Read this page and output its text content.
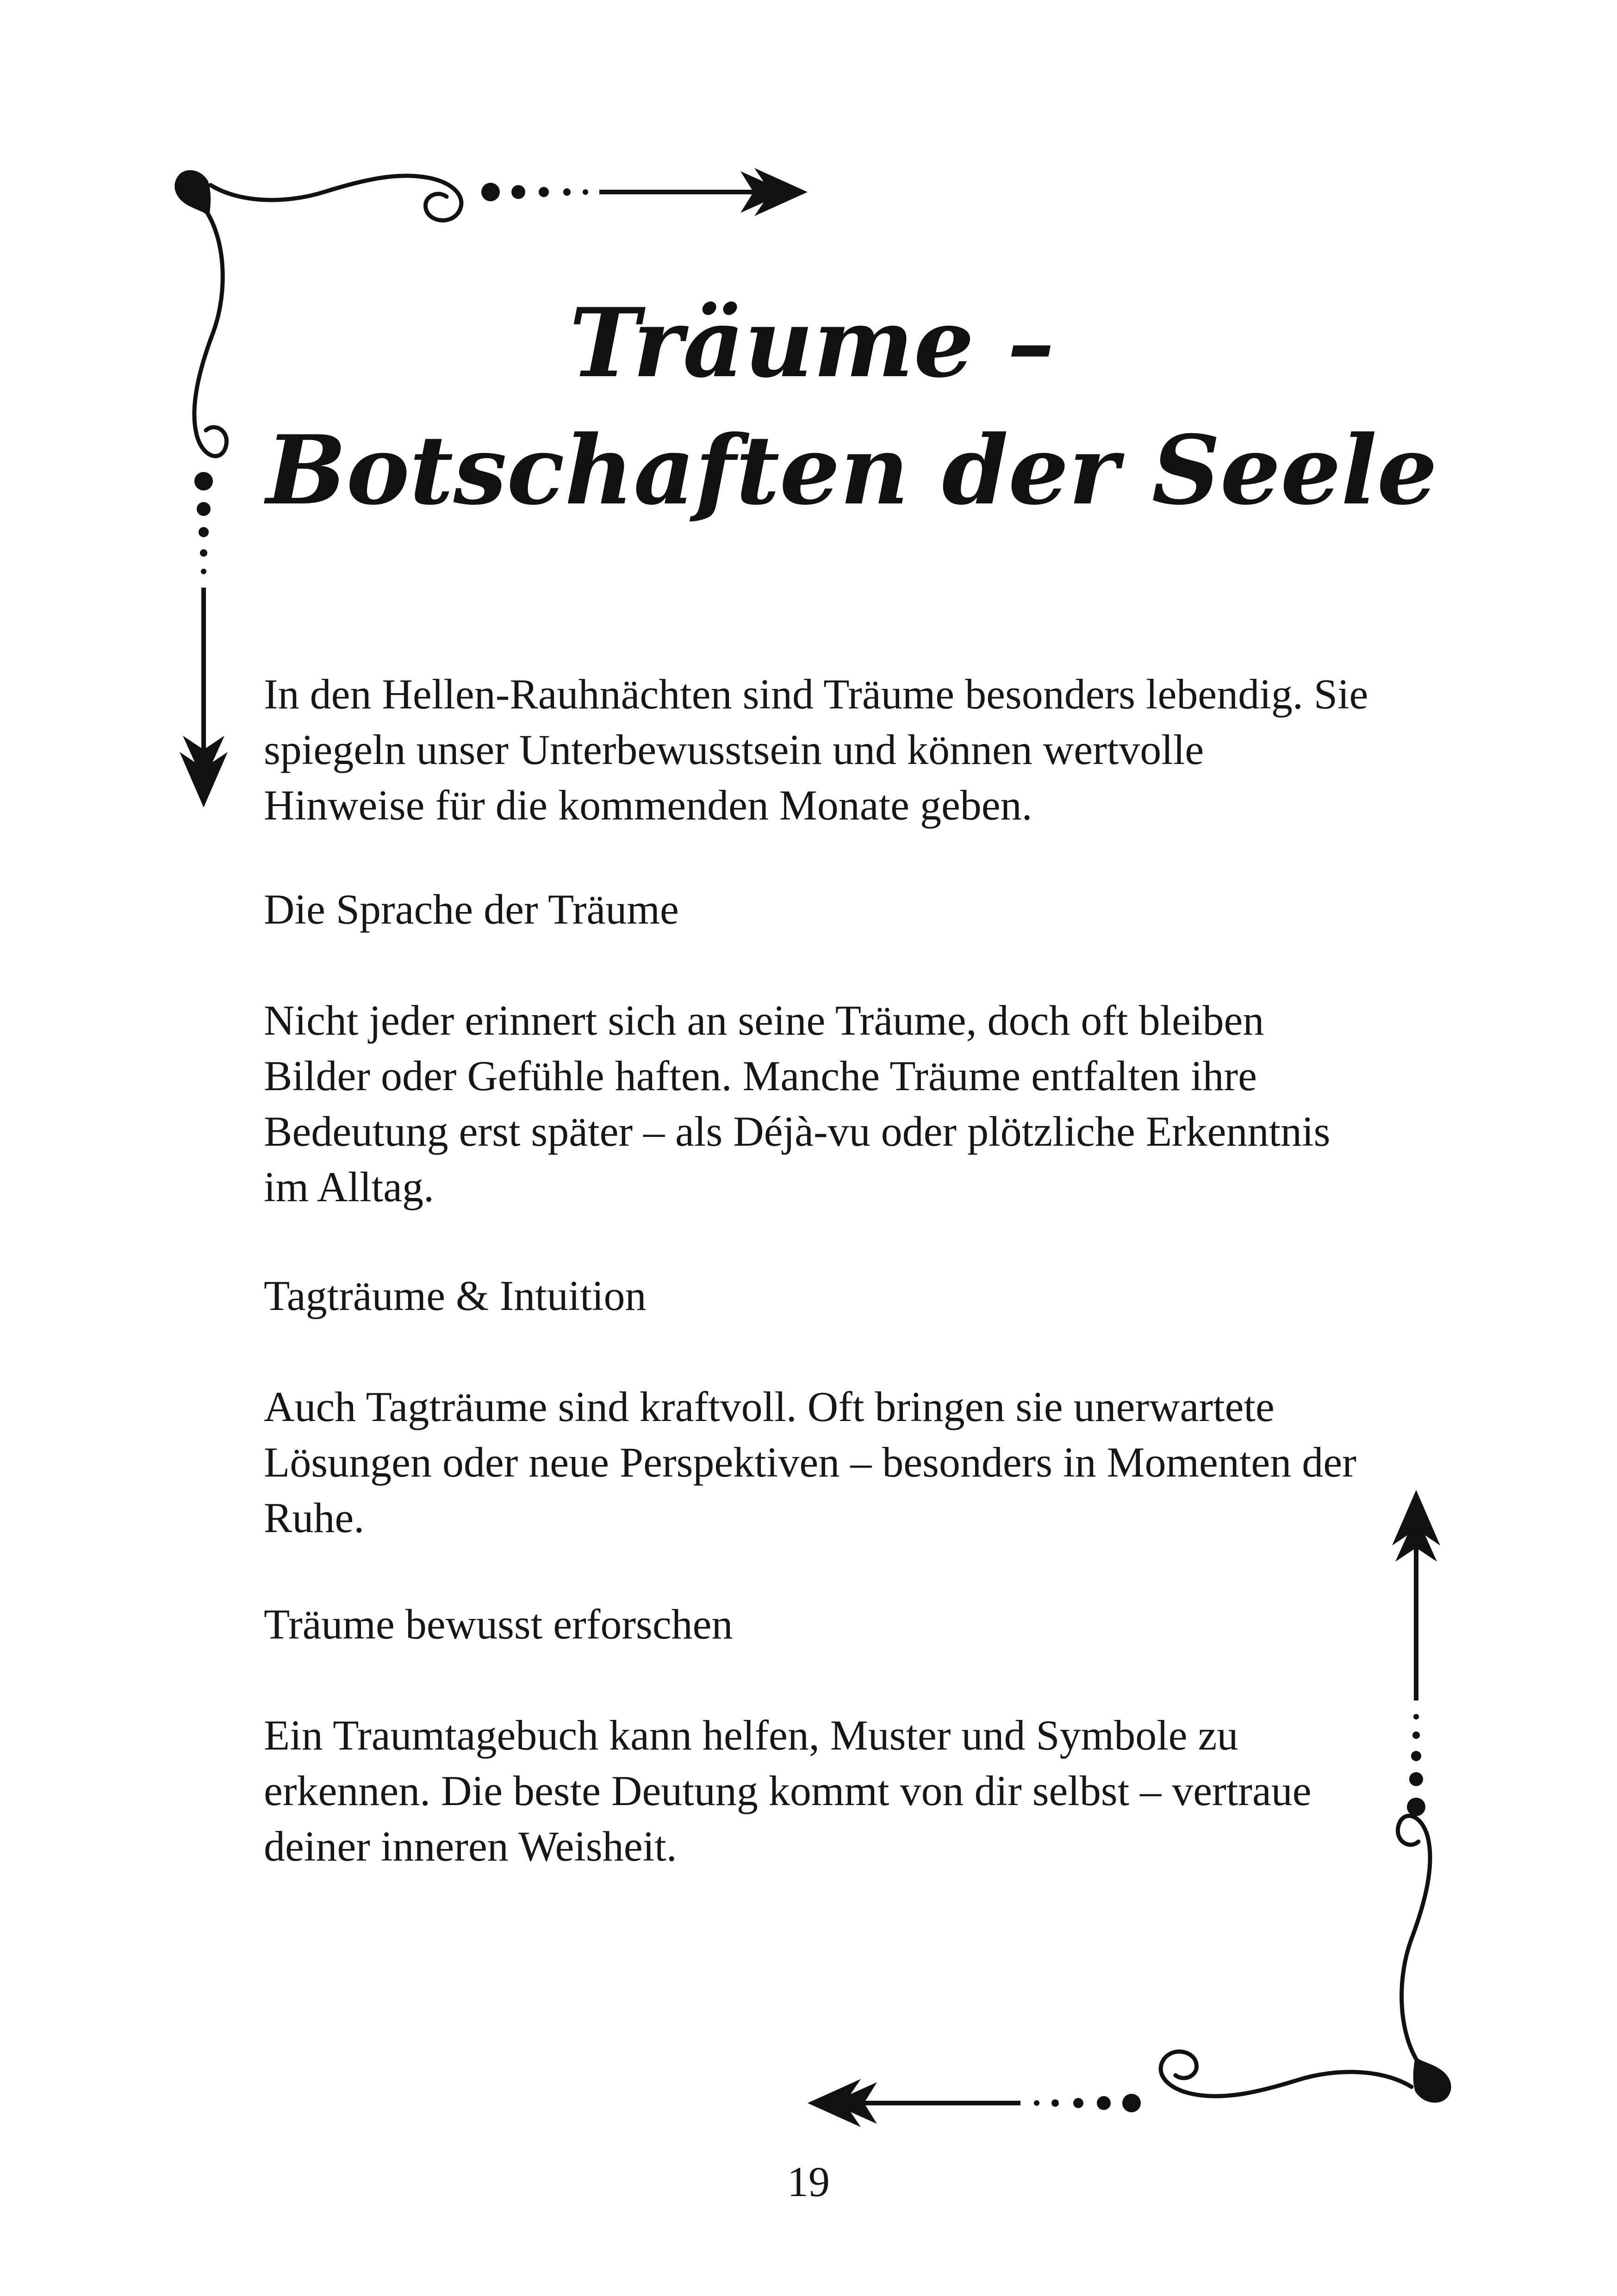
Träume –
Botschaften der Seele

In den Hellen-Rauhnächten sind Träume besonders lebendig. Sie spiegeln unser Unterbewusstsein und können wertvolle Hinweise für die kommenden Monate geben.

Die Sprache der Träume

Nicht jeder erinnert sich an seine Träume, doch oft bleiben Bilder oder Gefühle haften. Manche Träume entfalten ihre Bedeutung erst später – als Déjà-vu oder plötzliche Erkenntnis im Alltag.

Tagträume & Intuition

Auch Tagträume sind kraftvoll. Oft bringen sie unerwartete Lösungen oder neue Perspektiven – besonders in Momenten der Ruhe.

Träume bewusst erforschen

Ein Traumtagebuch kann helfen, Muster und Symbole zu erkennen. Die beste Deutung kommt von dir selbst – vertraue deiner inneren Weisheit.

19
